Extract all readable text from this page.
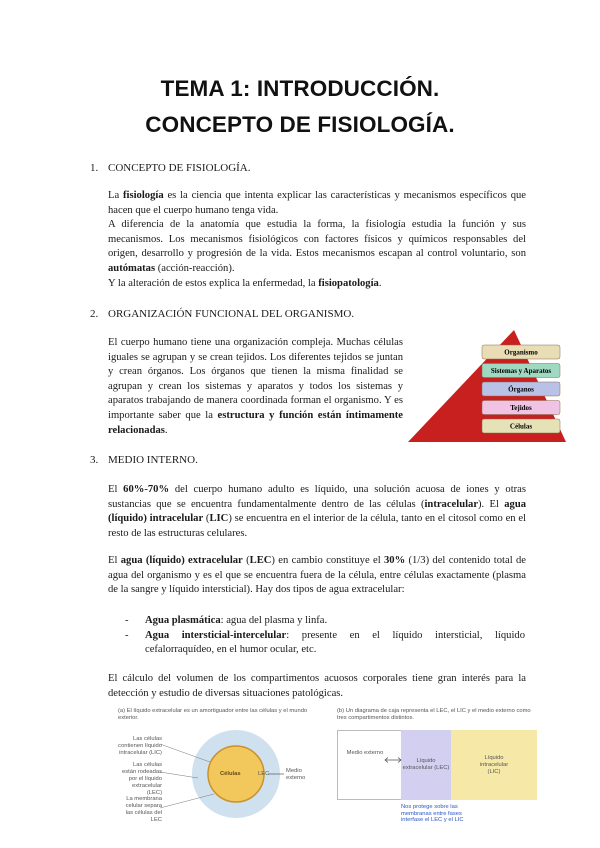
TEMA 1: INTRODUCCIÓN.
CONCEPTO DE FISIOLOGÍA.
1. CONCEPTO DE FISIOLOGÍA.

La fisiología es la ciencia que intenta explicar las características y mecanismos específicos que hacen que el cuerpo humano tenga vida.

A diferencia de la anatomía que estudia la forma, la fisiología estudia la función y sus mecanismos. Los mecanismos fisiológicos con factores físicos y químicos responsables del origen, desarrollo y progresión de la vida. Estos mecanismos escapan al control voluntario, son autómatas (acción-reacción).

Y la alteración de estos explica la enfermedad, la fisiopatología.

2. ORGANIZACIÓN FUNCIONAL DEL ORGANISMO.

El cuerpo humano tiene una organización compleja. Muchas células iguales se agrupan y se crean tejidos. Los diferentes tejidos se juntan y crean órganos. Los órganos que tienen la misma finalidad se agrupan y crean los sistemas y aparatos y todos los sistemas y aparatos trabajando de manera coordinada forman el organismo. Y es importante saber que la estructura y función están íntimamente relacionadas.

Organismo
Sistemas y Aparatos
Órganos
Tejidos
Células
3. MEDIO INTERNO.

El 60%-70% del cuerpo humano adulto es líquido, una solución acuosa de iones y otras sustancias que se encuentra fundamentalmente dentro de las células (intracelular). El agua (líquido) intracelular (LIC) se encuentra en el interior de la célula, tanto en el citosol como en el resto de las estructuras celulares.

El agua (líquido) extracelular (LEC) en cambio constituye el 30% (1/3) del contenido total de agua del organismo y es el que se encuentra fuera de la célula, entre células exactamente (plasma de la sangre y líquido intersticial). Hay dos tipos de agua extracelular:

- Agua plasmática: agua del plasma y linfa.
- Agua intersticial-intercelular: presente en el líquido intersticial, líquido cefalorraquídeo, en el humor ocular, etc.

El cálculo del volumen de los compartimentos acuosos corporales tiene gran interés para la detección y estudio de diversas situaciones patológicas.

(a) El líquido extracelular es un amortiguador entre las células y el mundo exterior.
Las células contienen líquido intracelular (LIC)
Las células están rodeadas por el líquido extracelular (LEC)
La membrana celular separa las células del LEC
Células	LEC	Medio externo
(b) Un diagrama de caja representa el LEC, el LIC y el medio externo como tres compartimentos distintos.
Medio externo
Líquido extracelular (LEC)
Líquido intracelular (LIC)
Nos protege sobre las membranas entre fases interfase el LEC y el LIC
